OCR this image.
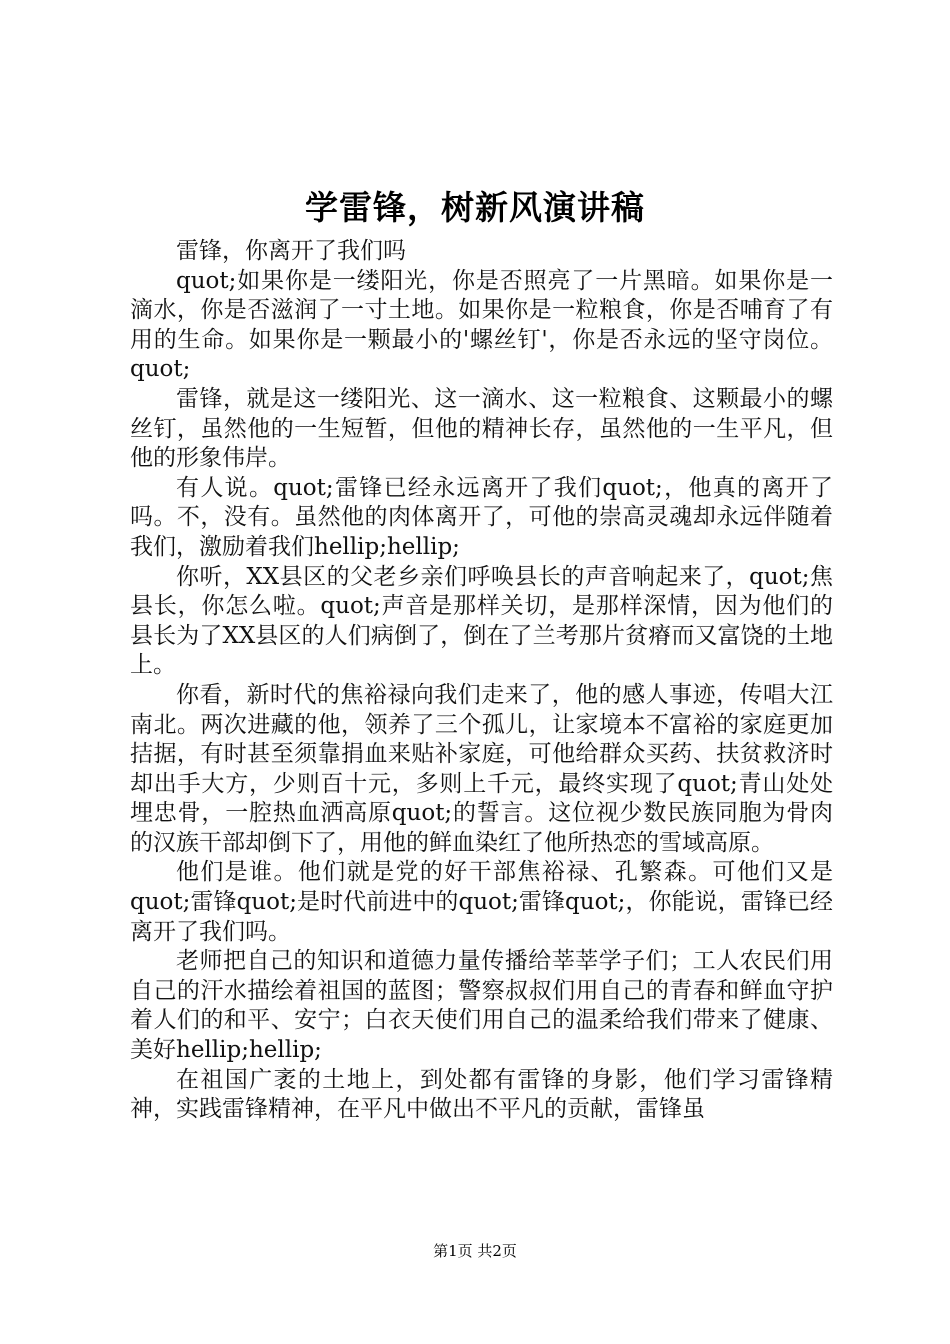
学雷锋，树新风演讲稿

雷锋，你离开了我们吗

quot;如果你是一缕阳光，你是否照亮了一片黑暗。如果你是一滴水，你是否滋润了一寸土地。如果你是一粒粮食，你是否哺育了有用的生命。如果你是一颗最小的'螺丝钉'，你是否永远的坚守岗位。quot;

雷锋，就是这一缕阳光、这一滴水、这一粒粮食、这颗最小的螺丝钉，虽然他的一生短暂，但他的精神长存，虽然他的一生平凡，但他的形象伟岸。

有人说。quot;雷锋已经永远离开了我们quot;，他真的离开了吗。不，没有。虽然他的肉体离开了，可他的崇高灵魂却永远伴随着我们，激励着我们hellip;hellip;

你听，XX县区的父老乡亲们呼唤县长的声音响起来了，quot;焦县长，你怎么啦。quot;声音是那样关切，是那样深情，因为他们的县长为了XX县区的人们病倒了，倒在了兰考那片贫瘠而又富饶的土地上。

你看，新时代的焦裕禄向我们走来了，他的感人事迹，传唱大江南北。两次进藏的他，领养了三个孤儿，让家境本不富裕的家庭更加拮据，有时甚至须靠捐血来贴补家庭，可他给群众买药、扶贫救济时却出手大方，少则百十元，多则上千元，最终实现了quot;青山处处埋忠骨，一腔热血洒高原quot;的誓言。这位视少数民族同胞为骨肉的汉族干部却倒下了，用他的鲜血染红了他所热恋的雪域高原。

他们是谁。他们就是党的好干部焦裕禄、孔繁森。可他们又是quot;雷锋quot;是时代前进中的quot;雷锋quot;，你能说，雷锋已经离开了我们吗。

老师把自己的知识和道德力量传播给莘莘学子们；工人农民们用自己的汗水描绘着祖国的蓝图；警察叔叔们用自己的青春和鲜血守护着人们的和平、安宁；白衣天使们用自己的温柔给我们带来了健康、美好hellip;hellip;

在祖国广袤的土地上，到处都有雷锋的身影，他们学习雷锋精神，实践雷锋精神，在平凡中做出不平凡的贡献，雷锋虽

第1页 共2页
